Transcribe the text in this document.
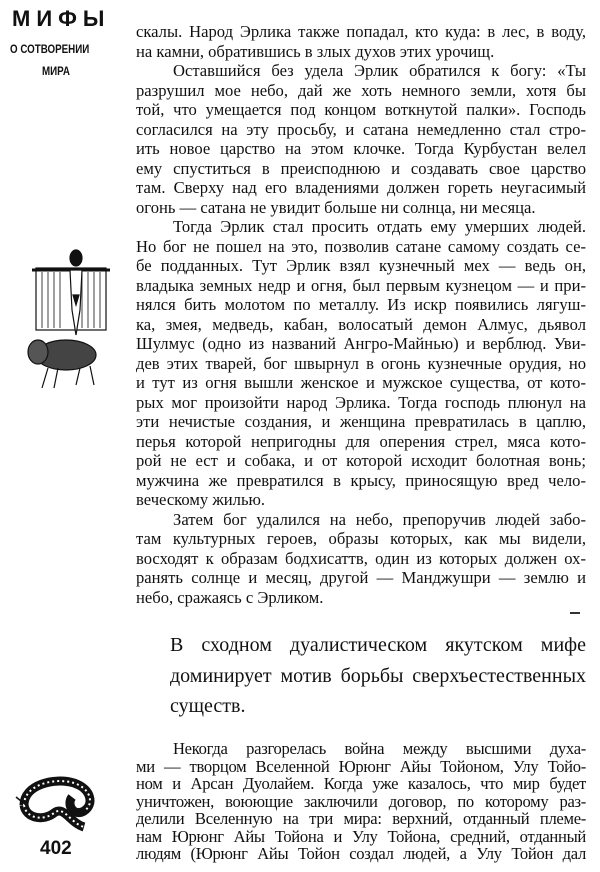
МИФЫ
О СОТВОРЕНИИ
МИРА
скалы. Народ Эрлика также попадал, кто куда: в лес, в воду,
на камни, обратившись в злых духов этих урочищ.
Оставшийся без удела Эрлик обратился к богу: «Ты
разрушил мое небо, дай же хоть немного земли, хотя бы
той, что умещается под концом воткнутой палки». Господь
согласился на эту просьбу, и сатана немедленно стал стро-
ить новое царство на этом клочке. Тогда Курбустан велел
ему спуститься в преисподнюю и создавать свое царство
там. Сверху над его владениями должен гореть неугасимый
огонь — сатана не увидит больше ни солнца, ни месяца.
Тогда Эрлик стал просить отдать ему умерших людей.
Но бог не пошел на это, позволив сатане самому создать се-
бе подданных. Тут Эрлик взял кузнечный мех — ведь он,
владыка земных недр и огня, был первым кузнецом — и при-
нялся бить молотом по металлу. Из искр появились лягуш-
ка, змея, медведь, кабан, волосатый демон Алмус, дьявол
Шулмус (одно из названий Ангро-Майнью) и верблюд. Уви-
дев этих тварей, бог швырнул в огонь кузнечные орудия, но
и тут из огня вышли женское и мужское существа, от кото-
рых мог произойти народ Эрлика. Тогда господь плюнул на
эти нечистые создания, и женщина превратилась в цаплю,
перья которой непригодны для оперения стрел, мяса кото-
рой не ест и собака, и от которой исходит болотная вонь;
мужчина же превратился в крысу, приносящую вред чело-
веческому жилью.
Затем бог удалился на небо, препоручив людей забо-
там культурных героев, образы которых, как мы видели,
восходят к образам бодхисаттв, один из которых должен ох-
ранять солнце и месяц, другой — Манджушри — землю и
небо, сражаясь с Эрликом.
В сходном дуалистическом якутском мифе
доминирует мотив борьбы сверхъестественных
существ.
Некогда разгорелась война между высшими духа-
ми — творцом Вселенной Юрюнг Айы Тойоном, Улу Тойо-
ном и Арсан Дуолайем. Когда уже казалось, что мир будет
уничтожен, воюющие заключили договор, по которому раз-
делили Вселенную на три мира: верхний, отданный племе-
нам Юрюнг Айы Тойона и Улу Тойона, средний, отданный
людям (Юрюнг Айы Тойон создал людей, а Улу Тойон дал
402
